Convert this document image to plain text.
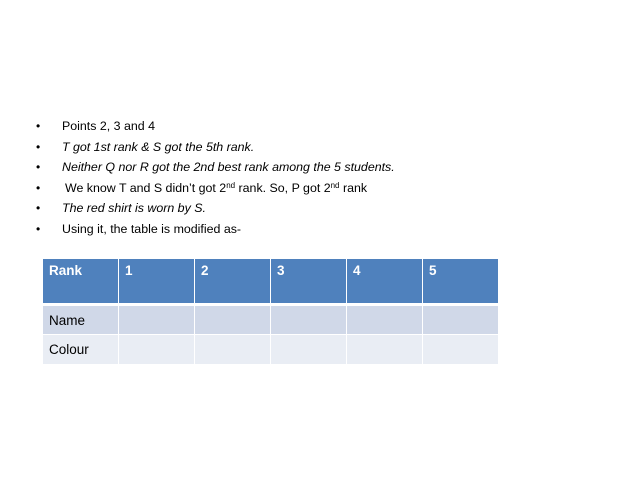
• Points 2, 3 and 4
• T got 1st rank & S got the 5th rank.
• Neither Q nor R got the 2nd best rank among the 5 students.
• We know T and S didn’t got 2nd rank. So, P got 2nd rank
• The red shirt is worn by S.
• Using it, the table is modified as-
Rank	1	2	3	4	5
Name					
Colour					
